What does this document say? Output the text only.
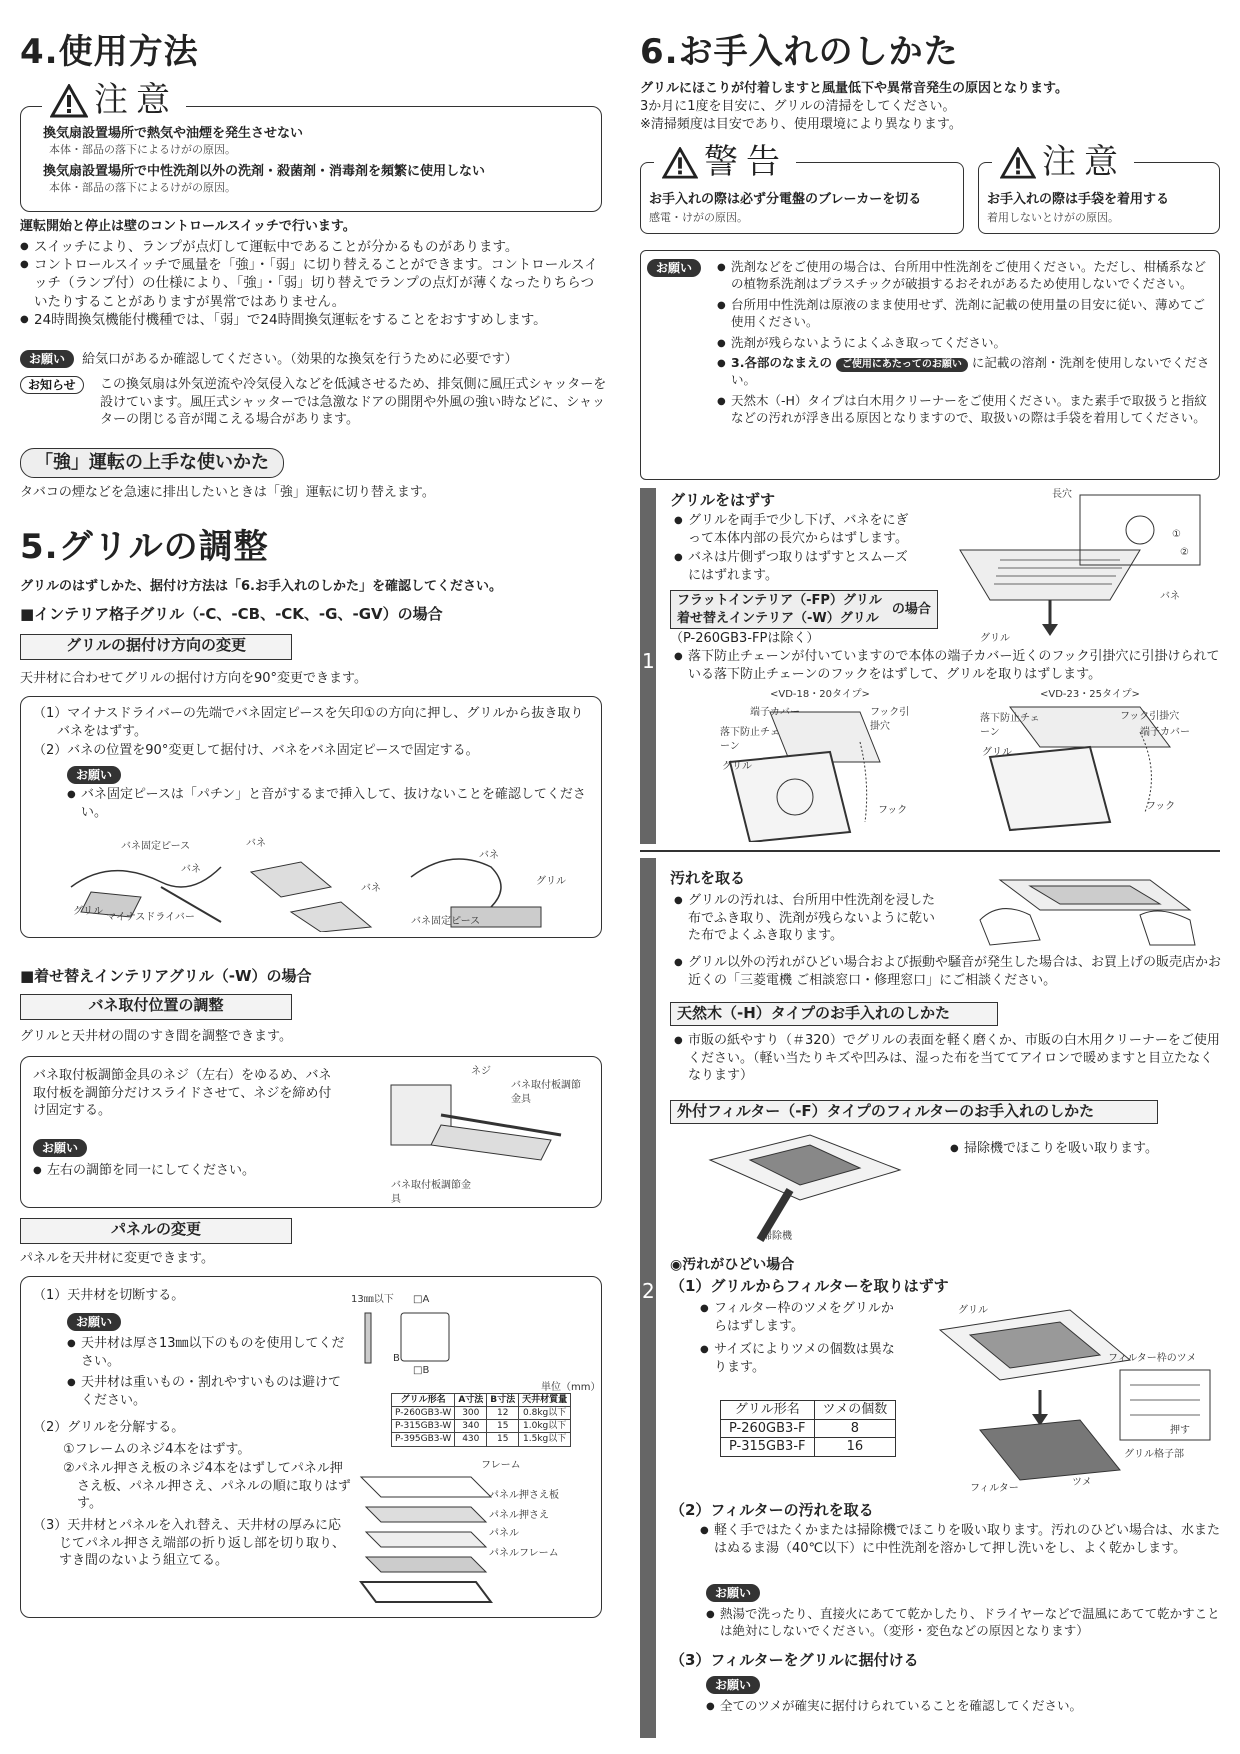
4.使用方法
換気扇設置場所で熱気や油煙を発生させない
本体・部品の落下によるけがの原因。
換気扇設置場所で中性洗剤以外の洗剤・殺菌剤・消毒剤を頻繁に使用しない
本体・部品の落下によるけがの原因。
注意
運転開始と停止は壁のコントロールスイッチで行います。
● スイッチにより、ランプが点灯して運転中であることが分かるものがあります。
● コントロールスイッチで風量を「強」・「弱」に切り替えることができます。コントロールスイッチ（ランプ付）の仕様により、「強」・「弱」切り替えでランプの点灯が薄くなったりちらついたりすることがありますが異常ではありません。
● 24時間換気機能付機種では、「弱」で24時間換気運転をすることをおすすめします。
お願い 給気口があるか確認してください。（効果的な換気を行うために必要です）
お知らせ	この換気扇は外気逆流や冷気侵入などを低減させるため、排気側に風圧式シャッターを設けています。風圧式シャッターでは急激なドアの開閉や外風の強い時などに、シャッターの閉じる音が聞こえる場合があります。
「強」運転の上手な使いかた
タバコの煙などを急速に排出したいときは「強」運転に切り替えます。
5.グリルの調整
グリルのはずしかた、据付け方法は「6.お手入れのしかた」を確認してください。
■インテリア格子グリル（-C、-CB、-CK、-G、-GV）の場合
グリルの据付け方向の変更
天井材に合わせてグリルの据付け方向を90°変更できます。
（1）マイナスドライバーの先端でバネ固定ピースを矢印①の方向に押し、グリルから抜き取りバネをはずす。
（2）バネの位置を90°変更して据付け、バネをバネ固定ピースで固定する。
お願い
● バネ固定ピースは「パチン」と音がするまで挿入して、抜けないことを確認してください。
バネ固定ピース
バネ
グリル
マイナスドライバー
バネ
バネ
バネ
グリル
バネ固定ピース
■着せ替えインテリアグリル（-W）の場合
バネ取付位置の調整
グリルと天井材の間のすき間を調整できます。
バネ取付板調節金具のネジ（左右）をゆるめ、バネ取付板を調節分だけスライドさせて、ネジを締め付け固定する。
お願い
● 左右の調節を同一にしてください。
ネジ
バネ取付板調節金具
バネ取付板調節金具
パネルの変更
パネルを天井材に変更できます。
（1）天井材を切断する。
お願い
● 天井材は厚さ13㎜以下のものを使用してください。
● 天井材は重いもの・割れやすいものは避けてください。
（2）グリルを分解する。
①フレームのネジ4本をはずす。
②パネル押さえ板のネジ4本をはずしてパネル押さえ板、パネル押さえ、パネルの順に取りはずす。
（3）天井材とパネルを入れ替え、天井材の厚みに応じてパネル押さえ端部の折り返し部を切り取り、すき間のないよう組立てる。
13㎜以下 □A
B
□B
単位（mm）
グリル形名	A寸法	B寸法	天井材質量
P-260GB3-W	300	12	0.8kg以下
P-315GB3-W	340	15	1.0kg以下
P-395GB3-W	430	15	1.5kg以下
フレーム
パネル押さえ板
パネル押さえ
パネル
パネルフレーム
6.お手入れのしかた
グリルにほこりが付着しますと風量低下や異常音発生の原因となります。
3か月に1度を目安に、グリルの清掃をしてください。
※清掃頻度は目安であり、使用環境により異なります。
お手入れの際は必ず分電盤のブレーカーを切る
感電・けがの原因。
警告
お手入れの際は手袋を着用する
着用しないとけがの原因。
注意
お願い	● 洗剤などをご使用の場合は、台所用中性洗剤をご使用ください。ただし、柑橘系などの植物系洗剤はプラスチックが破損するおそれがあるため使用しないでください。
● 台所用中性洗剤は原液のまま使用せず、洗剤に記載の使用量の目安に従い、薄めてご使用ください。
● 洗剤が残らないようによくふき取ってください。
● 3.各部のなまえの ご使用にあたってのお願い に記載の溶剤・洗剤を使用しないでください。
● 天然木（-H）タイプは白木用クリーナーをご使用ください。また素手で取扱うと指紋などの汚れが浮き出る原因となりますので、取扱いの際は手袋を着用してください。
1
グリルをはずす
● グリルを両手で少し下げ、バネをにぎって本体内部の長穴からはずします。
● バネは片側ずつ取りはずすとスムーズにはずれます。
長穴
バネ
グリル
①
②
フラットインテリア（-FP）グリル
着せ替えインテリア（-W）グリル
の場合
（P-260GB3-FPは除く）
● 落下防止チェーンが付いていますので本体の端子カバー近くのフック引掛穴に引掛けられている落下防止チェーンのフックをはずして、グリルを取りはずします。
<VD-18・20タイプ>	<VD-23・25タイプ>
端子カバー	フック引掛穴
落下防止チェーン
グリル
フック
フック引掛穴
端子カバー
落下防止チェーン
グリル
フック
2
汚れを取る
● グリルの汚れは、台所用中性洗剤を浸した布でふき取り、洗剤が残らないように乾いた布でよくふき取ります。
● グリル以外の汚れがひどい場合および振動や騒音が発生した場合は、お買上げの販売店かお近くの「三菱電機 ご相談窓口・修理窓口」にご相談ください。
天然木（-H）タイプのお手入れのしかた
● 市販の紙やすり（＃320）でグリルの表面を軽く磨くか、市販の白木用クリーナーをご使用ください。（軽い当たりキズや凹みは、湿った布を当ててアイロンで暖めますと目立たなくなります）
外付フィルター（-F）タイプのフィルターのお手入れのしかた
掃除機
● 掃除機でほこりを吸い取ります。
◉汚れがひどい場合
（1）グリルからフィルターを取りはずす
● フィルター枠のツメをグリルからはずします。
● サイズによりツメの個数は異なります。
グリル形名	ツメの個数
P-260GB3-F	8
P-315GB3-F	16
グリル
フィルター枠のツメ
押す
グリル格子部
フィルター
ツメ
（2）フィルターの汚れを取る
● 軽く手ではたくかまたは掃除機でほこりを吸い取ります。汚れのひどい場合は、水またはぬるま湯（40℃以下）に中性洗剤を溶かして押し洗いをし、よく乾かします。
お願い
● 熱湯で洗ったり、直接火にあてて乾かしたり、ドライヤーなどで温風にあてて乾かすことは絶対にしないでください。（変形・変色などの原因となります）
（3）フィルターをグリルに据付ける
お願い
● 全てのツメが確実に据付けられていることを確認してください。
